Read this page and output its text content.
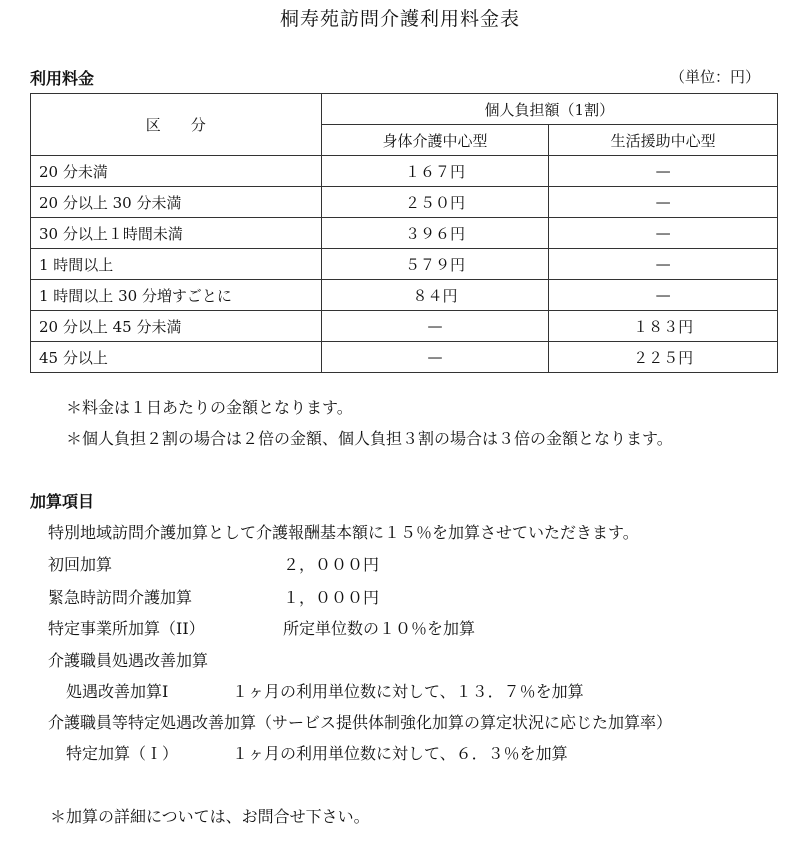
桐寿苑訪問介護利用料金表
利用料金	（単位：円）
区　　分	個人負担額（1割）	
	身体介護中心型	生活援助中心型
20 分未満	１６７円	—
20 分以上 30 分未満	２５０円	—
30 分以上１時間未満	３９６円	—
1 時間以上	５７９円	—
1 時間以上 30 分増すごとに	８４円	—
20 分以上 45 分未満	—	１８３円
45 分以上	—	２２５円
＊料金は１日あたりの金額となります。
＊個人負担２割の場合は２倍の金額、個人負担３割の場合は３倍の金額となります。
加算項目
特別地域訪問介護加算として介護報酬基本額に１５％を加算させていただきます。
初回加算	２，０００円
緊急時訪問介護加算	１，０００円
特定事業所加算（II）	所定単位数の１０％を加算
介護職員処遇改善加算
処遇改善加算Ⅰ	１ヶ月の利用単位数に対して、１３．７％を加算
介護職員等特定処遇改善加算（サービス提供体制強化加算の算定状況に応じた加算率）
特定加算（Ｉ）	１ヶ月の利用単位数に対して、６．３％を加算
＊加算の詳細については、お問合せ下さい。
